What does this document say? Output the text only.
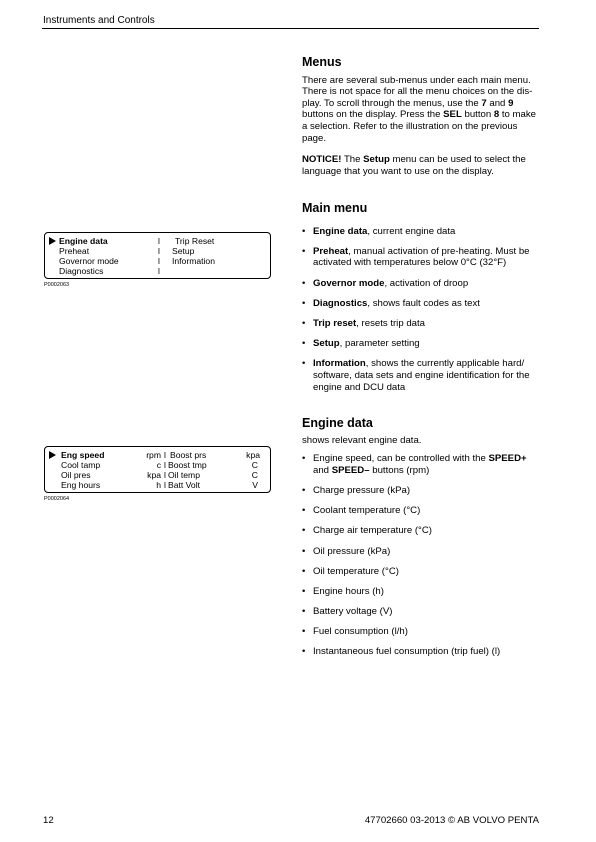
Instruments and Controls
Engine data
Preheat
Governor mode
Diagnostics
l
l
l
l
Trip Reset
Setup
Information
P0002063
Eng speed
Cool tamp
Oil pres
Eng hours
rpm
c
kpa
h
l
l
l
l
Boost prs
Boost tmp
Oil temp
Batt Volt
kpa
C
C
V
P0002064
Menus

There are several sub-menus under each main menu.
There is not space for all the menu choices on the dis-
play. To scroll through the menus, use the 7 and 9
buttons on the display. Press the SEL button 8 to make
a selection. Refer to the illustration on the previous
page.

NOTICE! The Setup menu can be used to select the
language that you want to use on the display.

Main menu
• Engine data, current engine data
• Preheat, manual activation of pre-heating. Must be activated with temperatures below 0°C (32°F)
• Governor mode, activation of droop
• Diagnostics, shows fault codes as text
• Trip reset, resets trip data
• Setup, parameter setting
• Information, shows the currently applicable hard/ software, data sets and engine identification for the engine and DCU data
Engine data

shows relevant engine data.

• Engine speed, can be controlled with the SPEED+
and SPEED– buttons (rpm)
• Charge pressure (kPa)
• Coolant temperature (°C)
• Charge air temperature (°C)
• Oil pressure (kPa)
• Oil temperature (°C)
• Engine hours (h)
• Battery voltage (V)
• Fuel consumption (l/h)
• Instantaneous fuel consumption (trip fuel) (l)
12	47702660 03-2013 © AB VOLVO PENTA
